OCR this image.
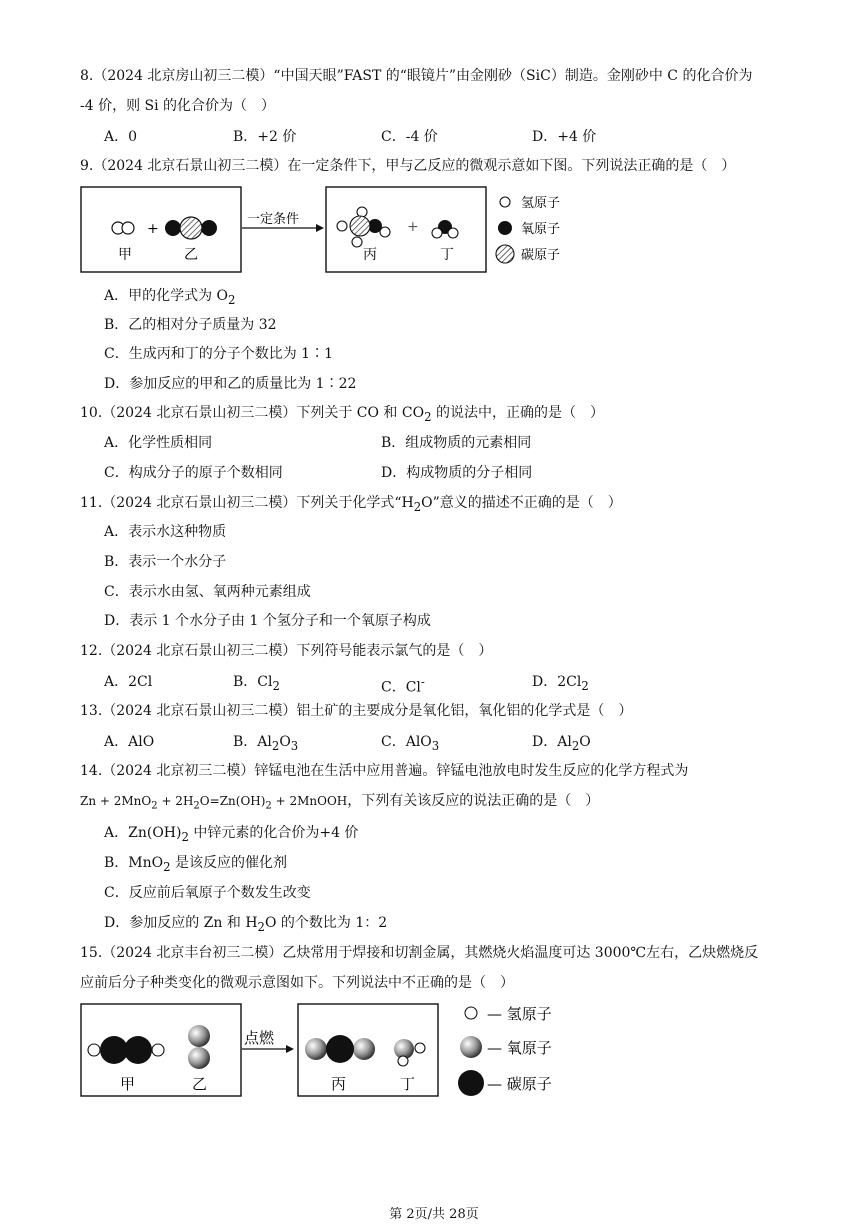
8.（2024 北京房山初三二模）“中国天眼”FAST 的“眼镜片”由金刚砂（SiC）制造。金刚砂中 C 的化合价为
-4 价，则 Si 的化合价为（　）
A．0	B．+2 价	C．-4 价	D．+4 价
9.（2024 北京石景山初三二模）在一定条件下，甲与乙反应的微观示意如下图。下列说法正确的是（　）
+
甲	乙
一定条件	+
丙	丁
氢原子
氧原子
碳原子
A．甲的化学式为 $O_2$
B．乙的相对分子质量为 32
C．生成丙和丁的分子个数比为 1∶1
D．参加反应的甲和乙的质量比为 1∶22
10.（2024 北京石景山初三二模）下列关于 CO 和 $CO_2$ 的说法中，正确的是（　）
A．化学性质相同	B．组成物质的元素相同
C．构成分子的原子个数相同	D．构成物质的分子相同
11.（2024 北京石景山初三二模）下列关于化学式“$H_2O$”意义的描述不正确的是（　）
A．表示水这种物质
B．表示一个水分子
C．表示水由氢、氧两种元素组成
D．表示 1 个水分子由 1 个氢分子和一个氧原子构成
12.（2024 北京石景山初三二模）下列符号能表示氯气的是（　）
A．2Cl	B．$Cl_2$	C．Cl-	D．$2Cl_2$
13.（2024 北京石景山初三二模）铝土矿的主要成分是氧化铝，氧化铝的化学式是（　）
A．AlO	B．$Al_2O_3$	C．AlO$_3$	D．$Al_2O$
14.（2024 北京初三二模）锌锰电池在生活中应用普遍。锌锰电池放电时发生反应的化学方程式为
$Zn + 2MnO_2 + 2H_2O=Zn(OH)_2$ + 2MnOOH，下列有关该反应的说法正确的是（　）
A．$Zn(OH)_2$ 中锌元素的化合价为+4 价
B．MnO$_2$ 是该反应的催化剂
C．反应前后氧原子个数发生改变
D．参加反应的 Zn 和 $H_2O$ 的个数比为 1：2
15.（2024 北京丰台初三二模）乙炔常用于焊接和切割金属，其燃烧火焰温度可达 3000℃左右，乙炔燃烧反
应前后分子种类变化的微观示意图如下。下列说法中不正确的是（　）
甲	乙
点燃
丙	丁
— 氢原子
— 氧原子
— 碳原子
第 2页/共 28页
